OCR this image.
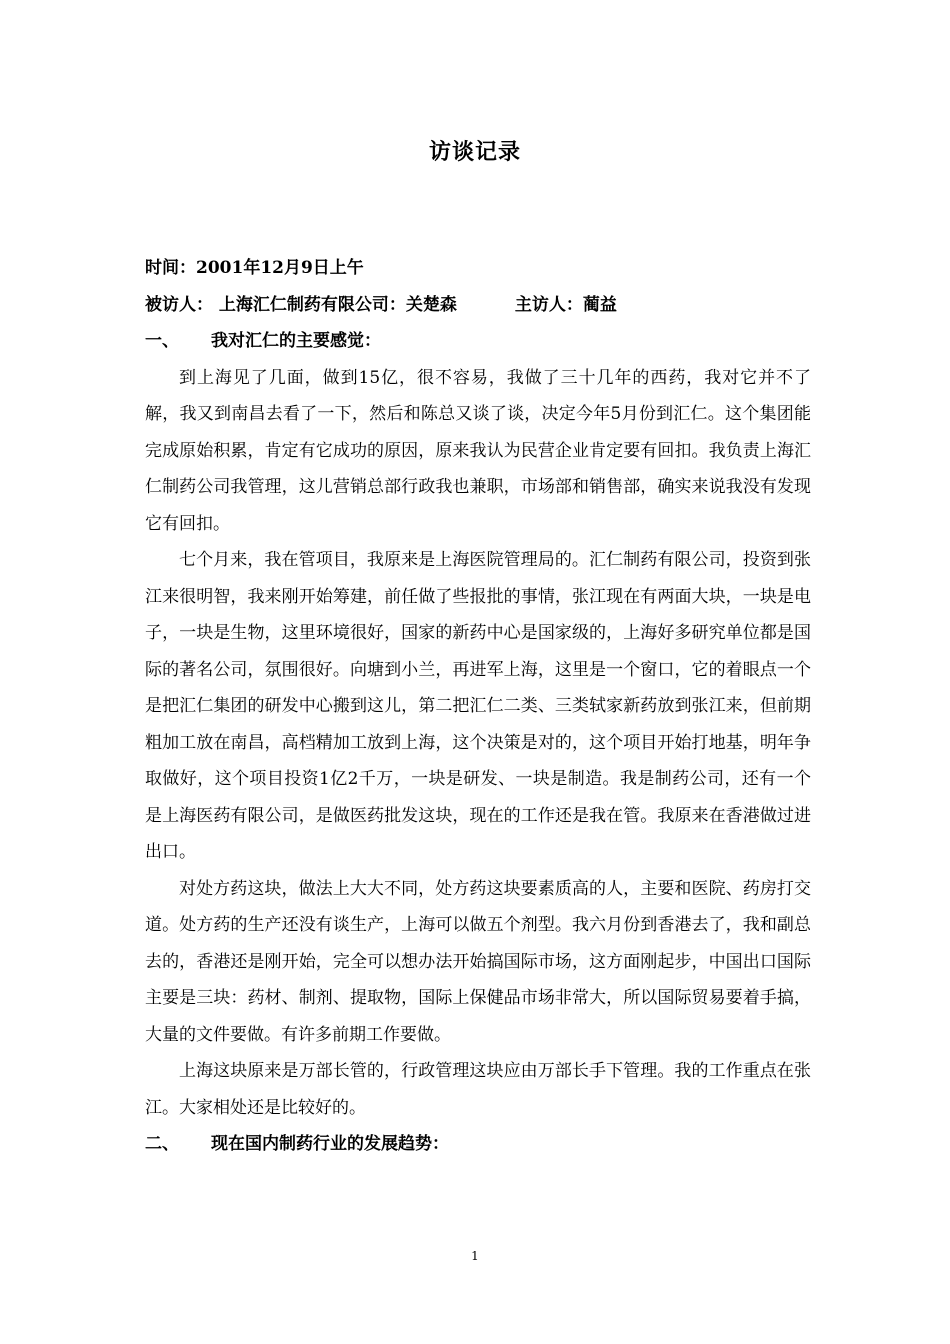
访谈记录
时间：2001年12月9日上午
被访人： 上海汇仁制药有限公司：关楚森	主访人：蔺益
一、 我对汇仁的主要感觉：

到上海见了几面，做到15亿，很不容易，我做了三十几年的西药，我对它并不了解，我又到南昌去看了一下，然后和陈总又谈了谈，决定今年5月份到汇仁。这个集团能完成原始积累，肯定有它成功的原因，原来我认为民营企业肯定要有回扣。我负责上海汇仁制药公司我管理，这儿营销总部行政我也兼职，市场部和销售部，确实来说我没有发现它有回扣。

七个月来，我在管项目，我原来是上海医院管理局的。汇仁制药有限公司，投资到张江来很明智，我来刚开始筹建，前任做了些报批的事情，张江现在有两面大块，一块是电子，一块是生物，这里环境很好，国家的新药中心是国家级的，上海好多研究单位都是国际的著名公司，氛围很好。向塘到小兰，再进军上海，这里是一个窗口，它的着眼点一个是把汇仁集团的研发中心搬到这儿，第二把汇仁二类、三类轼家新药放到张江来，但前期粗加工放在南昌，高档精加工放到上海，这个决策是对的，这个项目开始打地基，明年争取做好，这个项目投资1亿2千万，一块是研发、一块是制造。我是制药公司，还有一个是上海医药有限公司，是做医药批发这块，现在的工作还是我在管。我原来在香港做过进出口。

对处方药这块，做法上大大不同，处方药这块要素质高的人，主要和医院、药房打交道。处方药的生产还没有谈生产，上海可以做五个剂型。我六月份到香港去了，我和副总去的，香港还是刚开始，完全可以想办法开始搞国际市场，这方面刚起步，中国出口国际主要是三块：药材、制剂、提取物，国际上保健品市场非常大，所以国际贸易要着手搞，大量的文件要做。有许多前期工作要做。

上海这块原来是万部长管的，行政管理这块应由万部长手下管理。我的工作重点在张江。大家相处还是比较好的。

二、 现在国内制药行业的发展趋势：
1
